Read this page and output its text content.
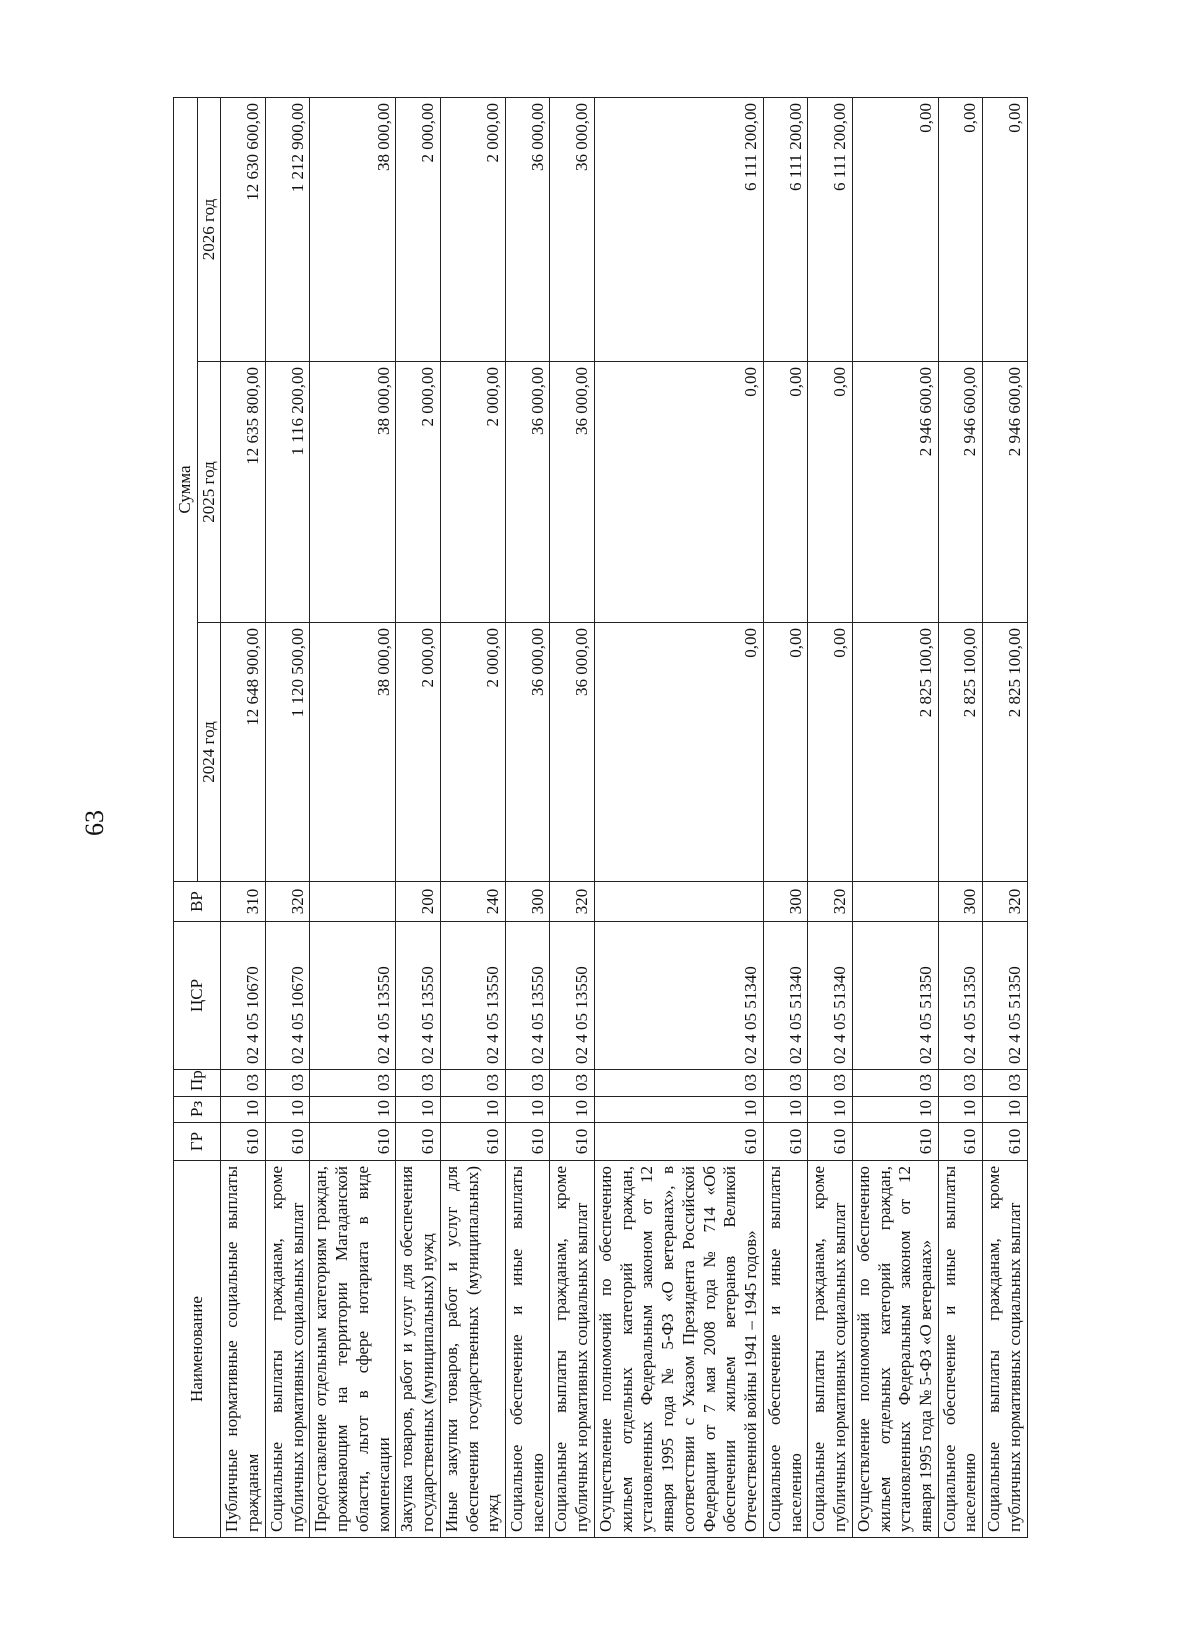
63
Наименование	ГР	Рз	Пр	ЦСР	ВР	Сумма		
						2024 год	2025 год	2026 год
Публичные нормативные социальные выплаты гражданам	610	10	03	02 4 05 10670	310	12 648 900,00	12 635 800,00	12 630 600,00
Социальные выплаты гражданам, кроме публичных нормативных социальных выплат	610	10	03	02 4 05 10670	320	1 120 500,00	1 116 200,00	1 212 900,00
Предоставление отдельным категориям граждан, проживающим на территории Магаданской области, льгот в сфере нотариата в виде компенсации	610	10	03	02 4 05 13550		38 000,00	38 000,00	38 000,00
Закупка товаров, работ и услуг для обеспечения государственных (муниципальных) нужд	610	10	03	02 4 05 13550	200	2 000,00	2 000,00	2 000,00
Иные закупки товаров, работ и услуг для обеспечения государственных (муниципальных) нужд	610	10	03	02 4 05 13550	240	2 000,00	2 000,00	2 000,00
Социальное обеспечение и иные выплаты населению	610	10	03	02 4 05 13550	300	36 000,00	36 000,00	36 000,00
Социальные выплаты гражданам, кроме публичных нормативных социальных выплат	610	10	03	02 4 05 13550	320	36 000,00	36 000,00	36 000,00
Осуществление полномочий по обеспечению жильем отдельных категорий граждан, установленных Федеральным законом от 12 января 1995 года № 5-ФЗ «О ветеранах», в соответствии с Указом Президента Российской Федерации от 7 мая 2008 года № 714 «Об обеспечении жильем ветеранов Великой Отечественной войны 1941 – 1945 годов»	610	10	03	02 4 05 51340		0,00	0,00	6 111 200,00
Социальное обеспечение и иные выплаты населению	610	10	03	02 4 05 51340	300	0,00	0,00	6 111 200,00
Социальные выплаты гражданам, кроме публичных нормативных социальных выплат	610	10	03	02 4 05 51340	320	0,00	0,00	6 111 200,00
Осуществление полномочий по обеспечению жильем отдельных категорий граждан, установленных Федеральным законом от 12 января 1995 года № 5-ФЗ «О ветеранах»	610	10	03	02 4 05 51350		2 825 100,00	2 946 600,00	0,00
Социальное обеспечение и иные выплаты населению	610	10	03	02 4 05 51350	300	2 825 100,00	2 946 600,00	0,00
Социальные выплаты гражданам, кроме публичных нормативных социальных выплат	610	10	03	02 4 05 51350	320	2 825 100,00	2 946 600,00	0,00
